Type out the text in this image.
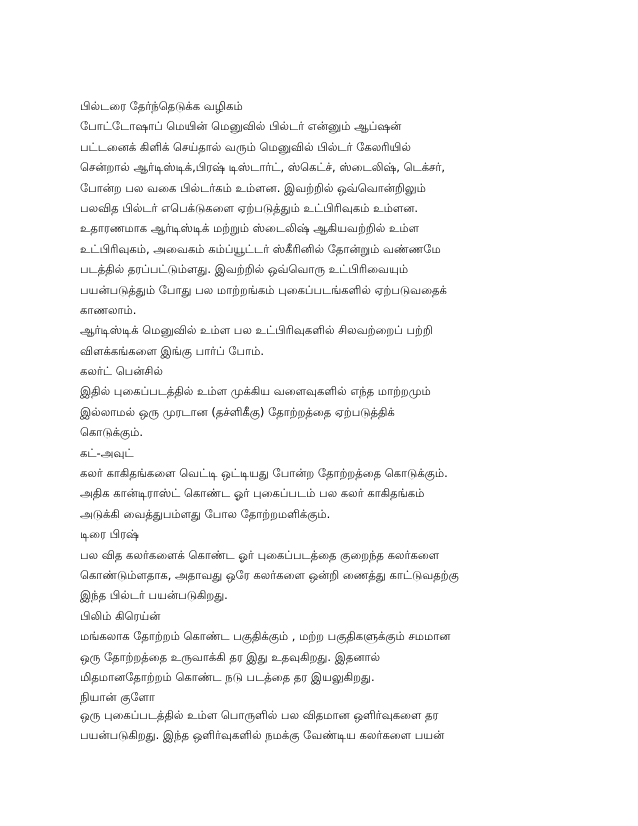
பில்டரை தேர்ந்தெடுக்க வழிகம்
போட்டோஷாப் மெயின் மெனுவில் பில்டர் என்னும் ஆப்ஷன்
பட்டனைக் கிளிக் செய்தால் வரும் மெனுவில் பில்டர் கேலரியில்
சென்றால் ஆர்டிஸ்டிக்,பிரஷ் டிஸ்டார்ட், ஸ்கெட்ச், ஸ்டைலிஷ், டெக்சர்,
போன்ற பல வகை பில்டர்கம் உம்ளன. இவற்றில் ஒவ்வொன்றிலும்
பலவித பில்டர் எபெக்டுகளை ஏற்படுத்தும் உட்பிரிவுகம் உம்ளன.
உதாரணமாக ஆர்டிஸ்டிக் மற்றும் ஸ்டைலிஷ் ஆகியவற்றில் உம்ள
உட்பிரிவுகம், அவைகம் கம்ப்யூட்டர் ஸ்கீரினில் தோன்றும் வண்ணமே
படத்தில் தரப்பட்டும்ளது. இவற்றில் ஒவ்வொரு உட்பிரிவையும்
பயன்படுத்தும் போது பல மாற்றங்கம் புகைப்படங்களில் ஏற்படுவதைக்
காணலாம்.
ஆர்டிஸ்டிக் மெனுவில் உம்ள பல உட்பிரிவுகளில் சிலவற்றைப் பற்றி
விளக்கங்களை இங்கு பார்ப் போம்.
கலர்ட் பென்சில்
இதில் புகைப்படத்தில் உம்ள முக்கிய வளைவுகளில் எந்த மாற்றமும்
இல்லாமல் ஒரு முரடான (தச்ளிகீகு) தோற்றத்தை ஏற்படுத்திக்
கொடுக்கும்.
கட்-அவுட்
கலர் காகிதங்களை வெட்டி ஒட்டியது போன்ற தோற்றத்தை கொடுக்கும்.
அதிக கான்டிராஸ்ட் கொண்ட ஓர் புகைப்படம் பல கலர் காகிதங்கம்
அடுக்கி வைத்துபம்ளது போல தோற்றமளிக்கும்.
டிரை பிரஷ்
பல வித கலர்களைக் கொண்ட ஓர் புகைப்படத்தை குறைந்த கலர்களை
கொண்டும்ளதாக, அதாவது ஒரே கலர்களை ஒன்றி ணைத்து காட்டுவதற்கு
இந்த பில்டர் பயன்படுகிறது.
பிலிம் கிரெய்ன்
மங்கலாக தோற்றம் கொண்ட பகுதிக்கும் , மற்ற பகுதிகளுக்கும் சமமான
ஒரு தோற்றத்தை உருவாக்கி தர இது உதவுகிறது. இதனால்
மிதமானதோற்றம் கொண்ட நடு படத்தை தர இயலுகிறது.
நியான் குளோ
ஒரு புகைப்படத்தில் உம்ள பொருளில் பல விதமான ஒளிர்வுகளை தர
பயன்படுகிறது. இந்த ஒளிர்வுகளில் நமக்கு வேண்டிய கலர்களை பயன்
